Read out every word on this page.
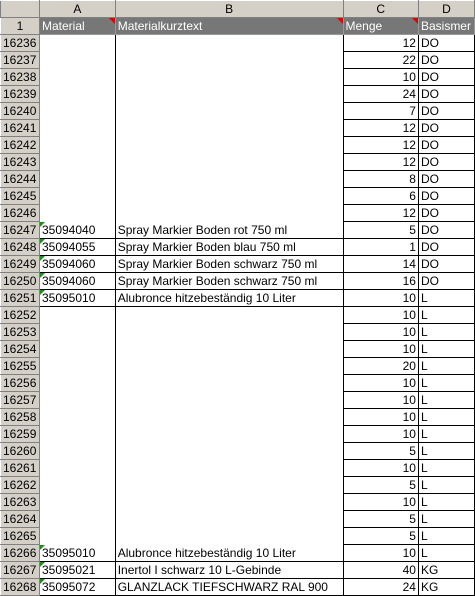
	A	B	C	D
1	Material	Materialkurztext	Menge	Basismer
16236			12	DO
16237			22	DO
16238			10	DO
16239			24	DO
16240			7	DO
16241			12	DO
16242			12	DO
16243			12	DO
16244			8	DO
16245			6	DO
16246			12	DO
16247	35094040	Spray Markier Boden rot 750 ml	5	DO
16248	35094055	Spray Markier Boden blau 750 ml	1	DO
16249	35094060	Spray Markier Boden schwarz 750 ml	14	DO
16250	35094060	Spray Markier Boden schwarz 750 ml	16	DO
16251	35095010	Alubronce hitzebeständig 10 Liter	10	L
16252			10	L
16253			10	L
16254			10	L
16255			20	L
16256			10	L
16257			10	L
16258			10	L
16259			10	L
16260			5	L
16261			10	L
16262			5	L
16263			10	L
16264			5	L
16265			5	L
16266	35095010	Alubronce hitzebeständig 10 Liter	10	L
16267	35095021	Inertol I schwarz 10 L-Gebinde	40	KG
16268	35095072	GLANZLACK TIEFSCHWARZ RAL 900	24	KG
